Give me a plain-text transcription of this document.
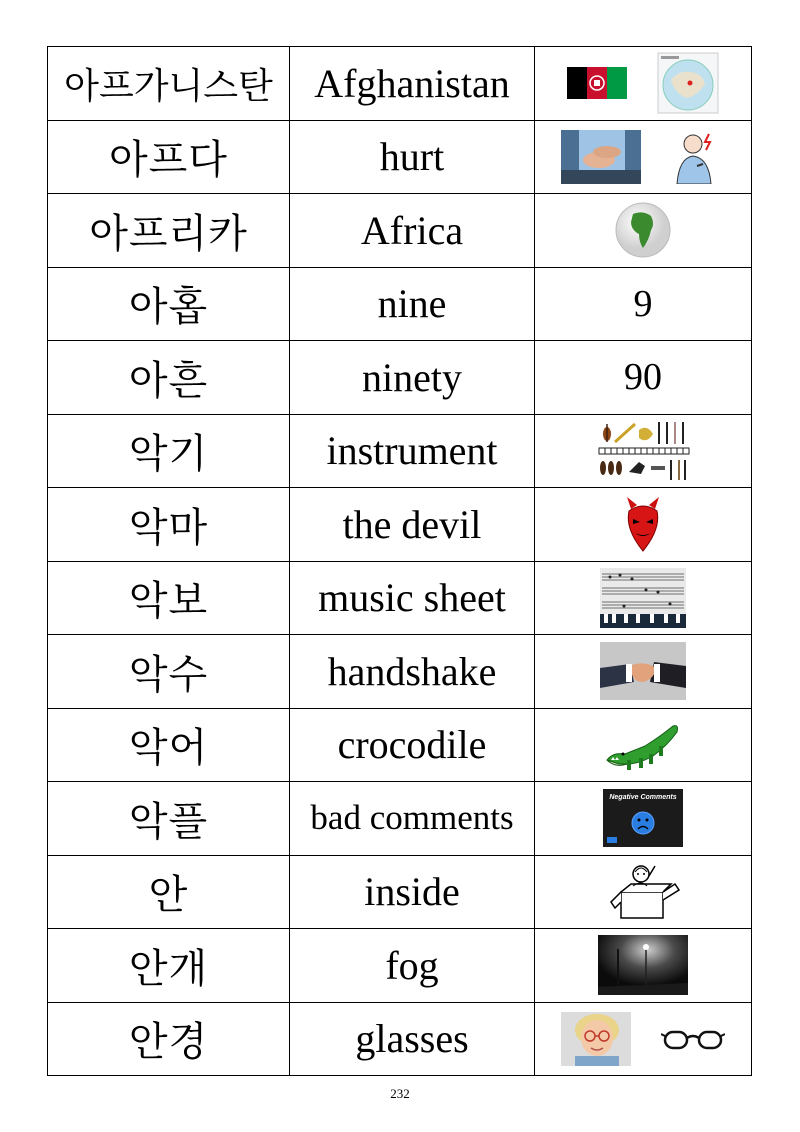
아프가니스탄	Afghanistan	

아프다	hurt	

아프리카	Africa	

아홉	nine	9
아흔	ninety	90
악기	instrument	

악마	the devil	

악보	music sheet	

악수	handshake	

악어	crocodile	

악플	bad comments	Negative Comments

안	inside	

안개	fog	

안경	glasses	
232
